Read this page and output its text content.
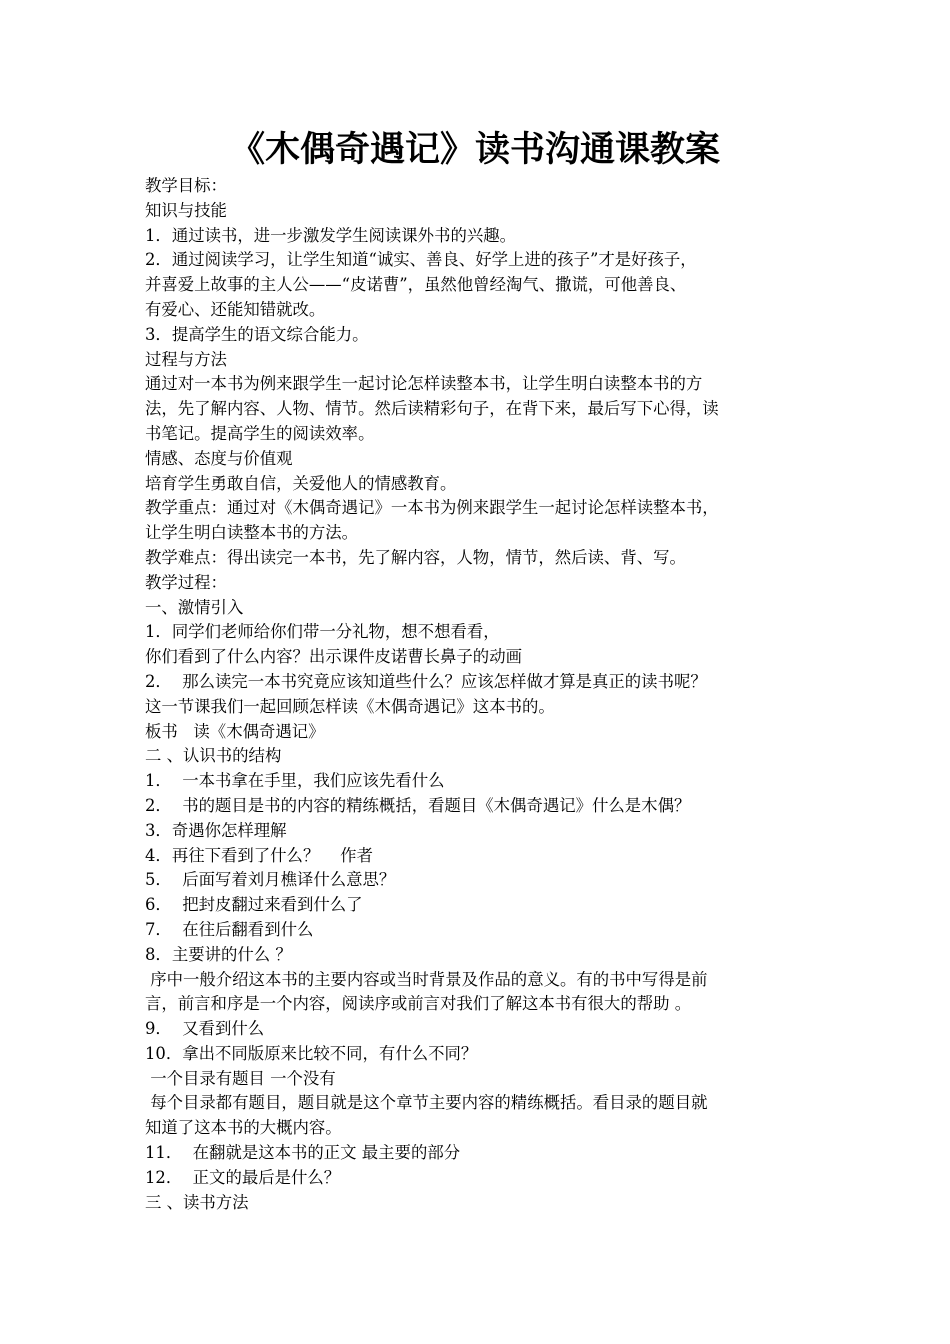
《木偶奇遇记》读书沟通课教案
教学目标：
知识与技能
1．通过读书，进一步激发学生阅读课外书的兴趣。
2．通过阅读学习，让学生知道“诚实、善良、好学上进的孩子”才是好孩子，
并喜爱上故事的主人公——“皮诺曹”，虽然他曾经淘气、撒谎，可他善良、
有爱心、还能知错就改。
3．提高学生的语文综合能力。
过程与方法
通过对一本书为例来跟学生一起讨论怎样读整本书，让学生明白读整本书的方
法，先了解内容、人物、情节。然后读精彩句子，在背下来，最后写下心得，读
书笔记。提高学生的阅读效率。
情感、态度与价值观
培育学生勇敢自信，关爱他人的情感教育。
教学重点：通过对《木偶奇遇记》一本书为例来跟学生一起讨论怎样读整本书，
让学生明白读整本书的方法。
教学难点：得出读完一本书，先了解内容，人物，情节，然后读、背、写。
教学过程：
一、激情引入
1．同学们老师给你们带一分礼物，想不想看看，
你们看到了什么内容？出示课件皮诺曹长鼻子的动画
2．  那么读完一本书究竟应该知道些什么？应该怎样做才算是真正的读书呢？
这一节课我们一起回顾怎样读《木偶奇遇记》这本书的。
板书   读《木偶奇遇记》
二 、认识书的结构
1．  一本书拿在手里，我们应该先看什么
2．  书的题目是书的内容的精练概括，看题目《木偶奇遇记》什么是木偶？
3．奇遇你怎样理解
4．再往下看到了什么？    作者
5．  后面写着刘月樵译什么意思？
6．  把封皮翻过来看到什么了
7．  在往后翻看到什么
8．主要讲的什么 ？
序中一般介绍这本书的主要内容或当时背景及作品的意义。有的书中写得是前
言，前言和序是一个内容，阅读序或前言对我们了解这本书有很大的帮助 。
9．  又看到什么
10．拿出不同版原来比较不同，有什么不同？
一个目录有题目 一个没有
每个目录都有题目，题目就是这个章节主要内容的精练概括。看目录的题目就
知道了这本书的大概内容。
11．  在翻就是这本书的正文 最主要的部分
12．  正文的最后是什么？
三 、读书方法
